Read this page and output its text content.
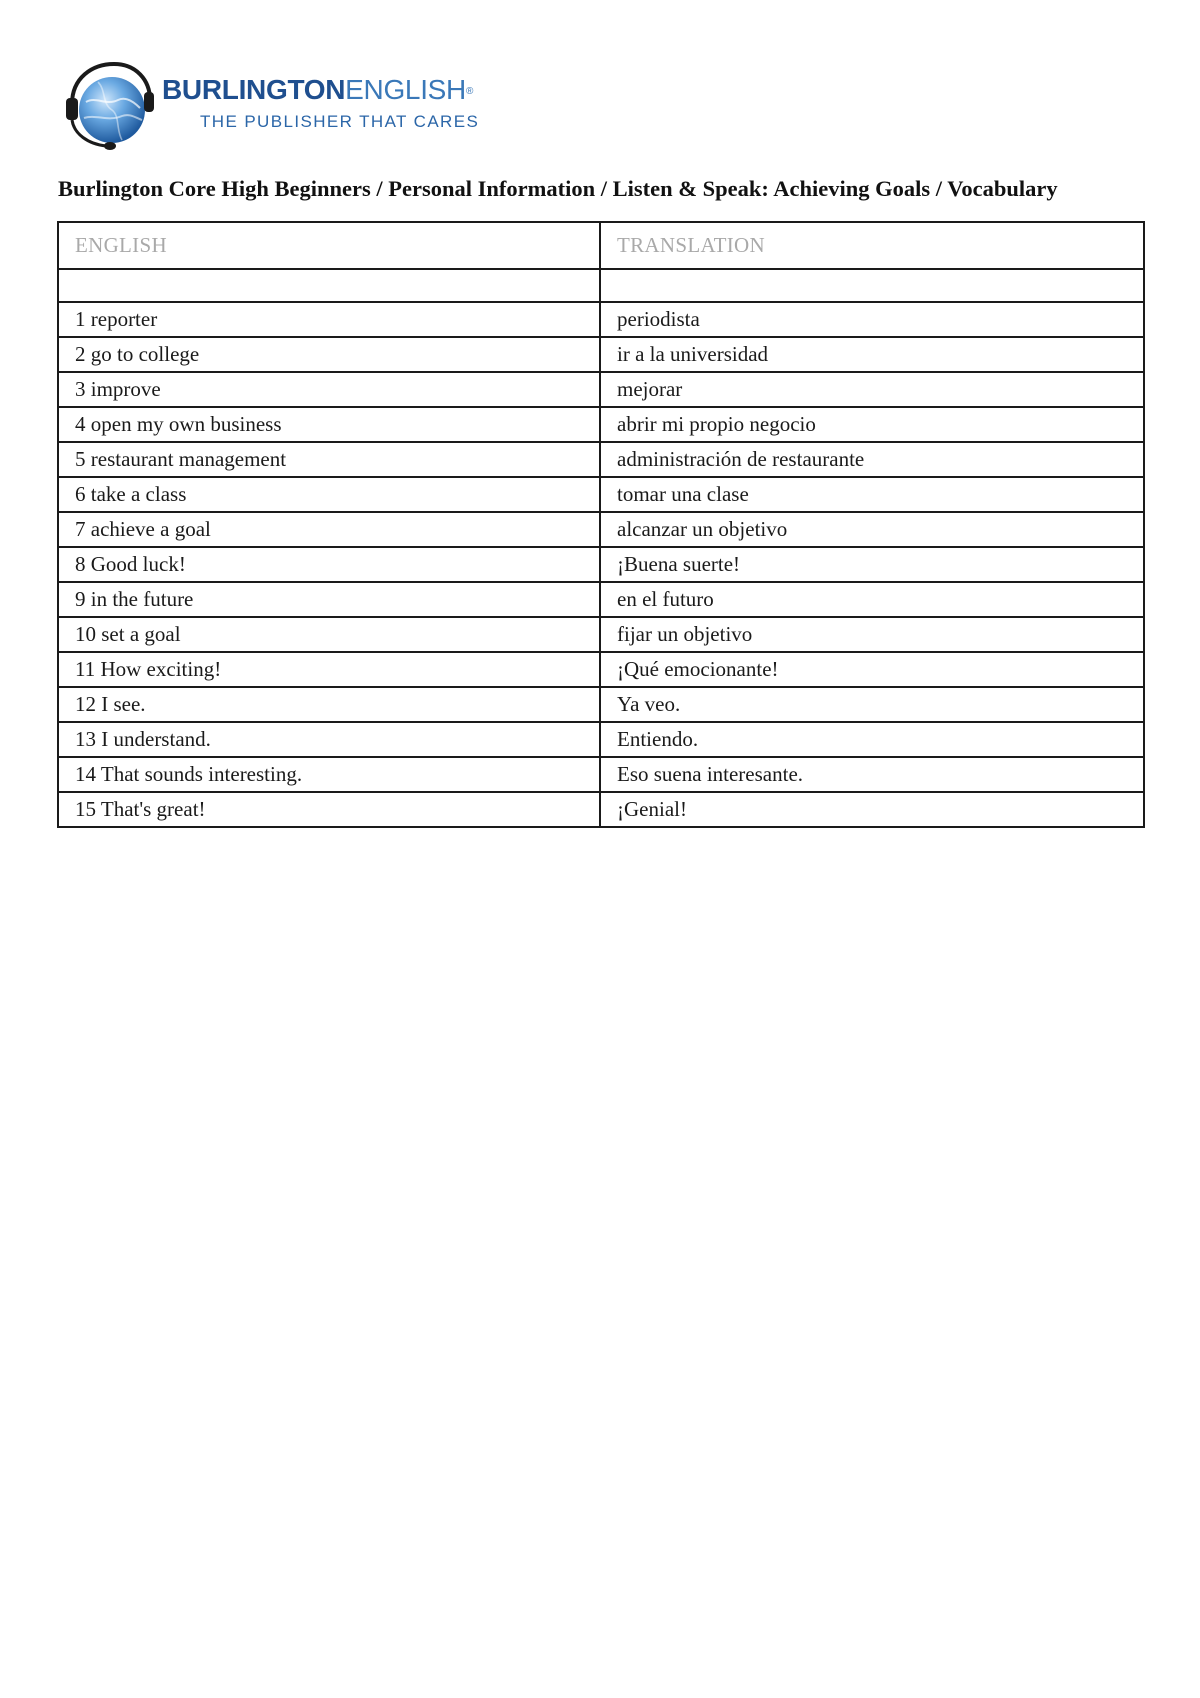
BURLINGTONENGLISH®
THE PUBLISHER THAT CARES
Burlington Core High Beginners / Personal Information / Listen & Speak: Achieving Goals / Vocabulary
ENGLISH	TRANSLATION

1 reporter	periodista
2 go to college	ir a la universidad
3 improve	mejorar
4 open my own business	abrir mi propio negocio
5 restaurant management	administración de restaurante
6 take a class	tomar una clase
7 achieve a goal	alcanzar un objetivo
8 Good luck!	¡Buena suerte!
9 in the future	en el futuro
10 set a goal	fijar un objetivo
11 How exciting!	¡Qué emocionante!
12 I see.	Ya veo.
13 I understand.	Entiendo.
14 That sounds interesting.	Eso suena interesante.
15 That's great!	¡Genial!
